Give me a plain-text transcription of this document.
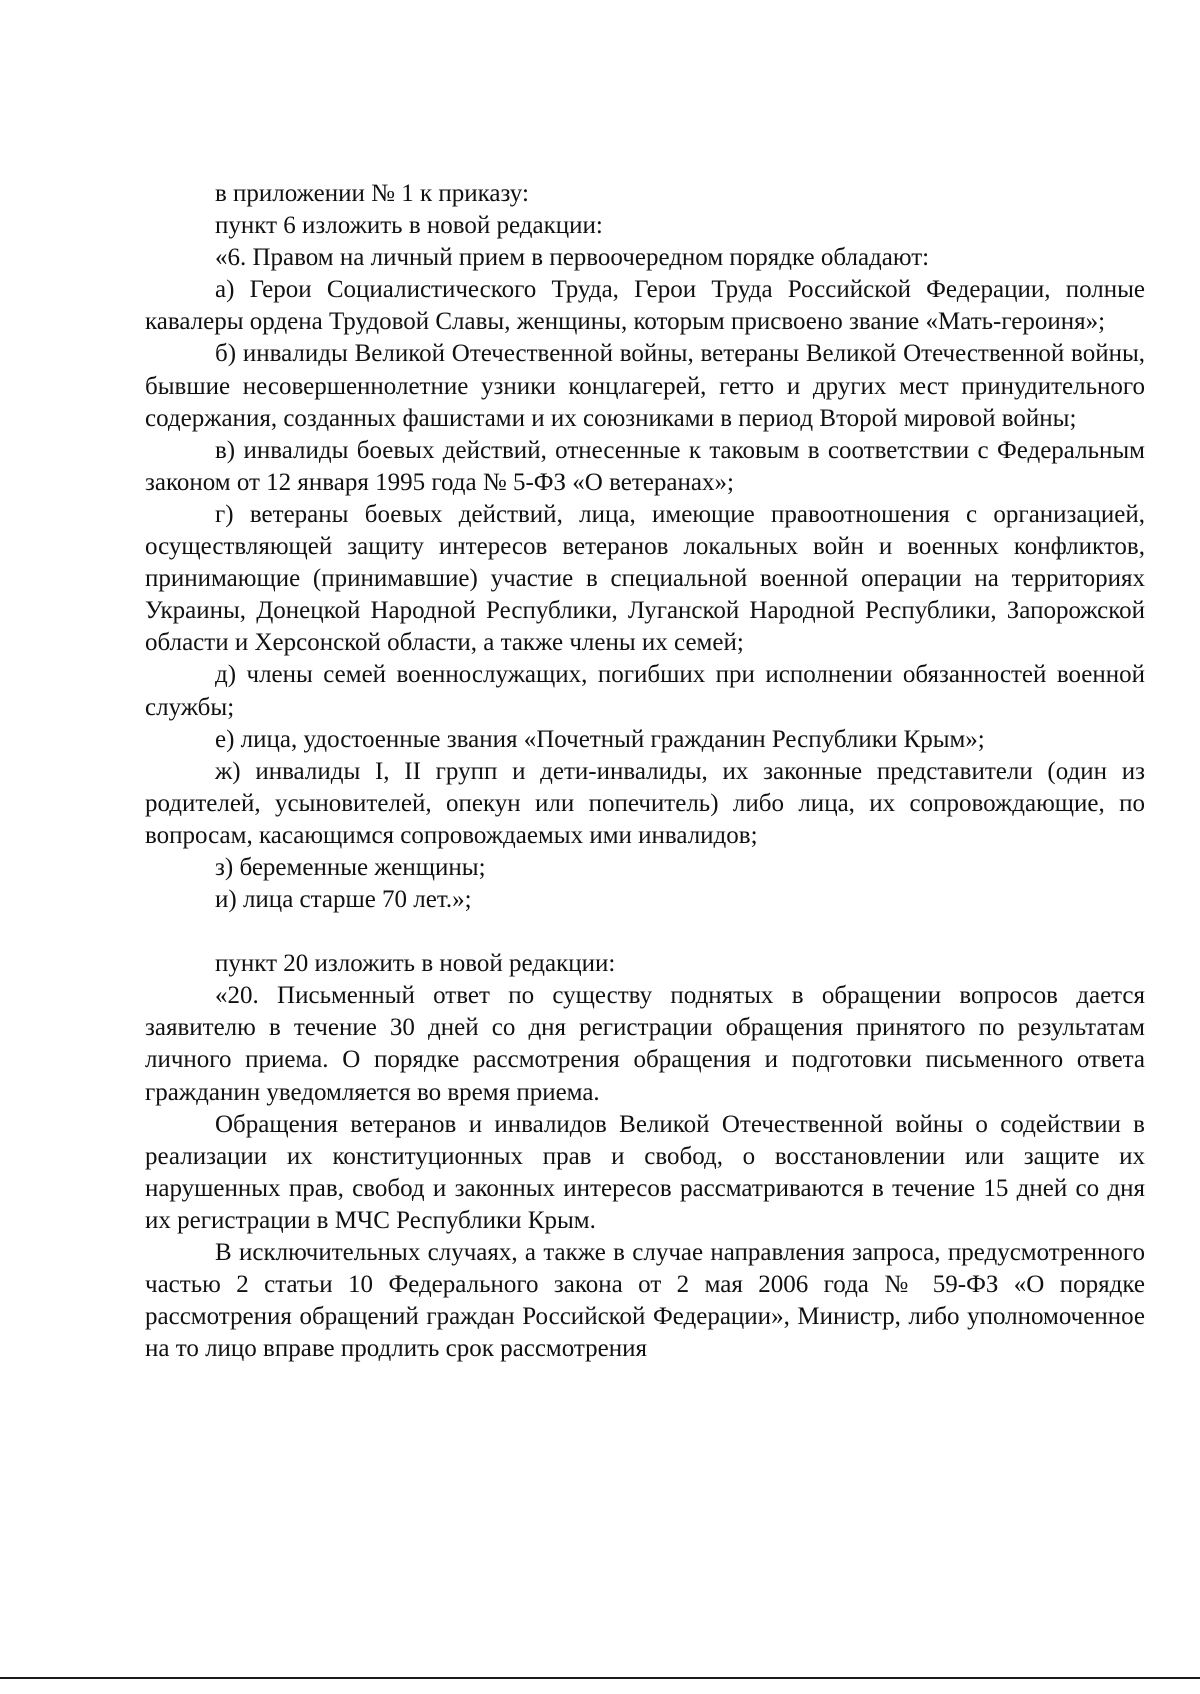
в приложении № 1 к приказу:

пункт 6 изложить в новой редакции:

«6. Правом на личный прием в первоочередном порядке обладают:

а) Герои Социалистического Труда, Герои Труда Российской Федерации, полные кавалеры ордена Трудовой Славы, женщины, которым присвоено звание «Мать-героиня»;

б) инвалиды Великой Отечественной войны, ветераны Великой Отечественной войны, бывшие несовершеннолетние узники концлагерей, гетто и других мест принудительного содержания, созданных фашистами и их союзниками в период Второй мировой войны;

в) инвалиды боевых действий, отнесенные к таковым в соответствии с Федеральным законом от 12 января 1995 года № 5-ФЗ «О ветеранах»;

г) ветераны боевых действий, лица, имеющие правоотношения с организацией, осуществляющей защиту интересов ветеранов локальных войн и военных конфликтов, принимающие (принимавшие) участие в специальной военной операции на территориях Украины, Донецкой Народной Республики, Луганской Народной Республики, Запорожской области и Херсонской области, а также члены их семей;

д) члены семей военнослужащих, погибших при исполнении обязанностей военной службы;

е) лица, удостоенные звания «Почетный гражданин Республики Крым»;

ж) инвалиды I, II групп и дети-инвалиды, их законные представители (один из родителей, усыновителей, опекун или попечитель) либо лица, их сопровождающие, по вопросам, касающимся сопровождаемых ими инвалидов;

з) беременные женщины;

и) лица старше 70 лет.»;

пункт 20 изложить в новой редакции:

«20. Письменный ответ по существу поднятых в обращении вопросов дается заявителю в течение 30 дней со дня регистрации обращения принятого по результатам личного приема. О порядке рассмотрения обращения и подготовки письменного ответа гражданин уведомляется во время приема.

Обращения ветеранов и инвалидов Великой Отечественной войны о содействии в реализации их конституционных прав и свобод, о восстановлении или защите их нарушенных прав, свобод и законных интересов рассматриваются в течение 15 дней со дня их регистрации в МЧС Республики Крым.

В исключительных случаях, а также в случае направления запроса, предусмотренного частью 2 статьи 10 Федерального закона от 2 мая 2006 года № 59-ФЗ «О порядке рассмотрения обращений граждан Российской Федерации», Министр, либо уполномоченное на то лицо вправе продлить срок рассмотрения
